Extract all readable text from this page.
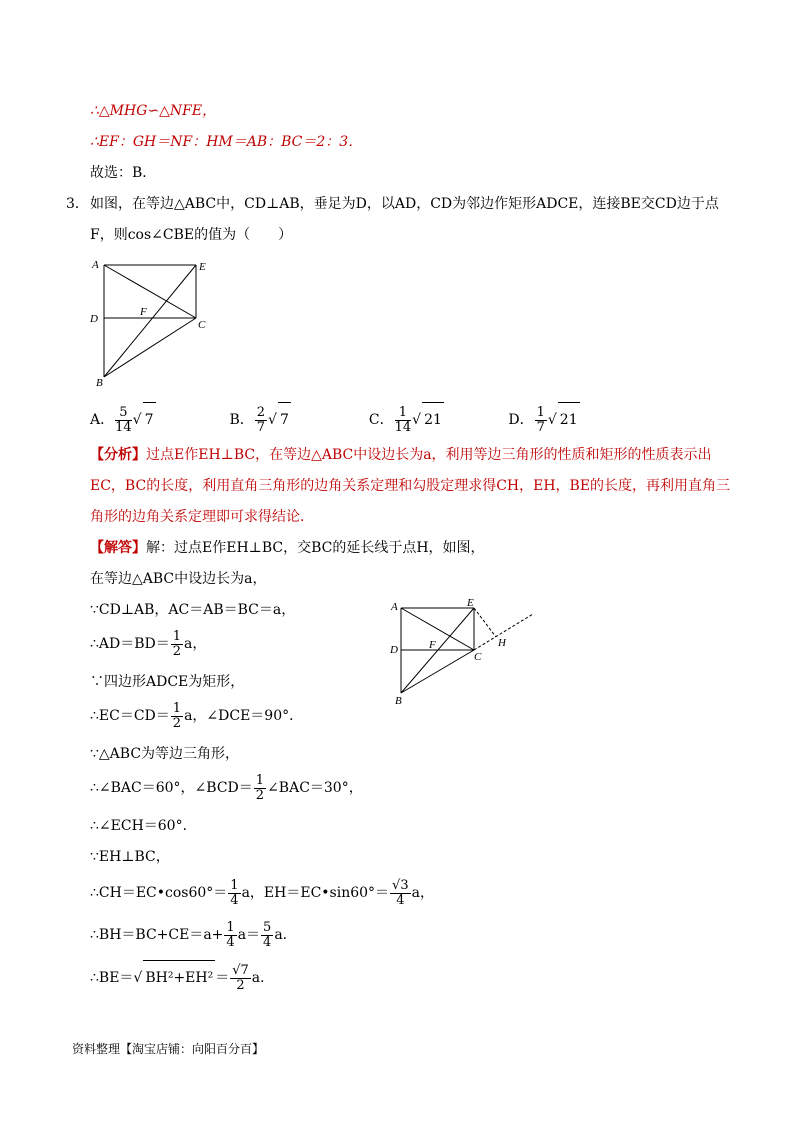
∴△MHG∽△NFE，
∴EF：GH＝NF：HM＝AB：BC＝2：3．
故选：B．
3． 如图，在等边△ABC中，CD⊥AB，垂足为D，以AD，CD为邻边作矩形ADCE，连接BE交CD边于点
F，则cos∠CBE的值为（　　）
A	E
D
F
C
B
A． $\frac{5}{14}$ √ 7	B． $\frac{2}{7}$ √ 7	C． $\frac{1}{14}$ √ 21	D． $\frac{1}{7}$ √ 21
【分析】过点E作EH⊥BC，在等边△ABC中设边长为a，利用等边三角形的性质和矩形的性质表示出
EC，BC的长度，利用直角三角形的边角关系定理和勾股定理求得CH，EH，BE的长度，再利用直角三
角形的边角关系定理即可求得结论．
【解答】解：过点E作EH⊥BC，交BC的延长线于点H，如图，
在等边△ABC中设边长为a，
∵CD⊥AB，AC＝AB＝BC＝a，
∴AD＝BD＝ $\frac{1}{2}$ a，
∵四边形ADCE为矩形，
∴EC＝CD＝ $\frac{1}{2}$ a，∠DCE＝90°．
∵△ABC为等边三角形，
∴∠BAC＝60°，∠BCD＝ $\frac{1}{2}$ ∠BAC＝30°，
∴∠ECH＝60°．
∵EH⊥BC，
∴CH＝EC•cos60°＝ $\frac{1}{4}$ a，EH＝EC•sin60°＝ $\frac{√3}{4}$ a，
∴BH＝BC+CE＝a+ $\frac{1}{4} a= \frac{5}{4}$ a．
∴BE＝√ $BH^2+EH^2 = \frac{√7}{2}$ a．
A	E
D	F
C
H
B
资料整理【淘宝店铺：向阳百分百】
